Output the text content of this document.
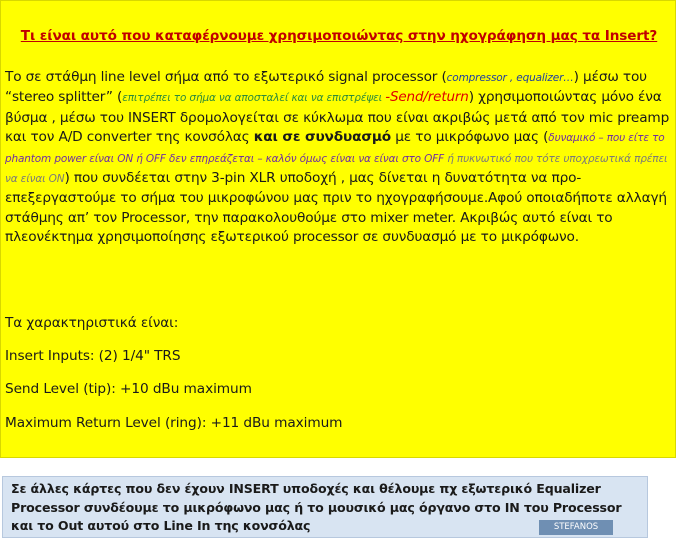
Τι είναι αυτό που καταφέρνουμε χρησιμοποιώντας στην ηχογράφηση μας τα Insert?
Το σε στάθμη line level σήμα από το εξωτερικό signal processor (compressor , equalizer…) μέσω του “stereo splitter” (επιτρέπει το σήμα να αποσταλεί και να επιστρέψει -Send/return) χρησιμοποιώντας μόνο ένα βύσμα , μέσω του INSERT δρομολογείται σε κύκλωμα που είναι ακριβώς μετά από τον mic preamp και τον A/D converter της κονσόλας και σε συνδυασμό με το μικρόφωνο μας (δυναμικό – που είτε το phantom power είναι ON ή OFF δεν επηρεάζεται – καλόν όμως είναι να είναι στο OFF ή πυκνωτικό που τότε υποχρεωτικά πρέπει να είναι ON) που συνδέεται στην 3-pin XLR υποδοχή , μας δίνεται η δυνατότητα να προ-επεξεργαστούμε το σήμα του μικροφώνου μας πριν το ηχογραφήσουμε.Αφού οποιαδήποτε αλλαγή στάθμης απ’ τον Processor, την παρακολουθούμε στο mixer meter. Ακριβώς αυτό είναι το πλεονέκτημα χρησιμοποίησης εξωτερικού processor σε συνδυασμό με το μικρόφωνο.
Τα χαρακτηριστικά είναι:
Insert Inputs: (2) 1/4" TRS
Send Level (tip): +10 dBu maximum
Maximum Return Level (ring): +11 dBu maximum
Σε άλλες κάρτες που δεν έχουν INSERT υποδοχές και θέλουμε πχ εξωτερικό Equalizer Processor συνδέουμε το μικρόφωνο μας ή το μουσικό μας όργανο στο IN του Processor και το Out αυτού στο Line In της κονσόλας	STEFANOS
